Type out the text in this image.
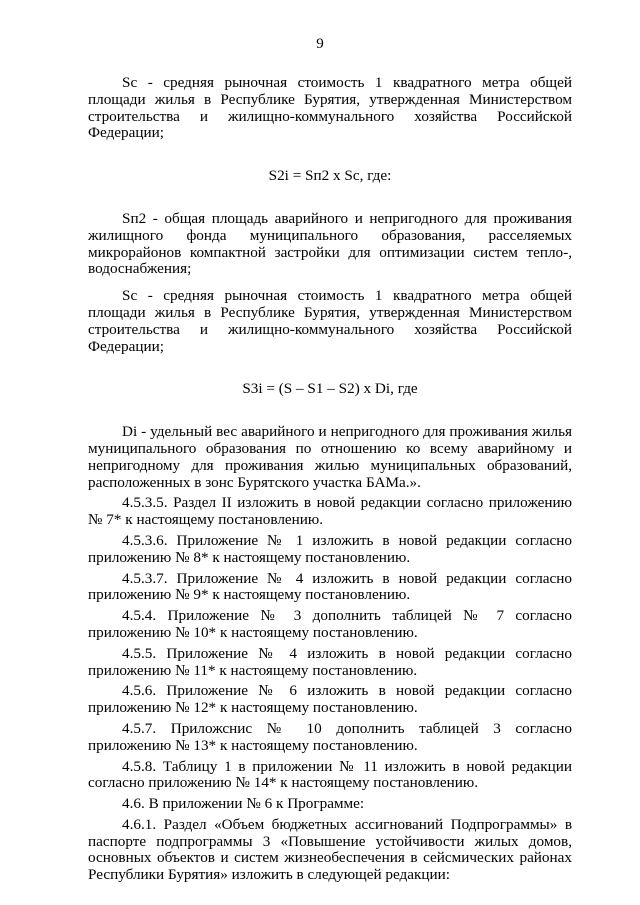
9

Sс - средняя рыночная стоимость 1 квадратного метра общей площади жилья в Республике Бурятия, утвержденная Министерством строительства и жилищно-коммунального хозяйства Российской Федерации;

S2i = Sп2 х Sс, где:

Sп2 - общая площадь аварийного и непригодного для проживания жилищного фонда муниципального образования, расселяемых микрорайонов компактной застройки для оптимизации систем тепло-, водоснабжения;

Sс - средняя рыночная стоимость 1 квадратного метра общей площади жилья в Республике Бурятия, утвержденная Министерством строительства и жилищно-коммунального хозяйства Российской Федерации;

S3i = (S – S1 – S2) х Di, где

Di - удельный вес аварийного и непригодного для проживания жилья муниципального образования по отношению ко всему аварийному и непригодному для проживания жилью муниципальных образований, расположенных в зонс Бурятского участка БАМа.».

4.5.3.5. Раздел II изложить в новой редакции согласно приложению № 7* к настоящему постановлению.

4.5.3.6. Приложение № 1 изложить в новой редакции согласно приложению № 8* к настоящему постановлению.

4.5.3.7. Приложение № 4 изложить в новой редакции согласно приложению № 9* к настоящему постановлению.

4.5.4. Приложение № 3 дополнить таблицей № 7 согласно приложению № 10* к настоящему постановлению.

4.5.5. Приложение № 4 изложить в новой редакции согласно приложению № 11* к настоящему постановлению.

4.5.6. Приложение № 6 изложить в новой редакции согласно приложению № 12* к настоящему постановлению.

4.5.7. Приложснис № 10 дополнить таблицей 3 согласно приложению № 13* к настоящему постановлению.

4.5.8. Таблицу 1 в приложении № 11 изложить в новой редакции согласно приложению № 14* к настоящему постановлению.

4.6. В приложении № 6 к Программе:

4.6.1. Раздел «Объем бюджетных ассигнований Подпрограммы» в паспорте подпрограммы 3 «Повышение устойчивости жилых домов, основных объектов и систем жизнеобеспечения в сейсмических районах Республики Бурятия» изложить в следующей редакции:
